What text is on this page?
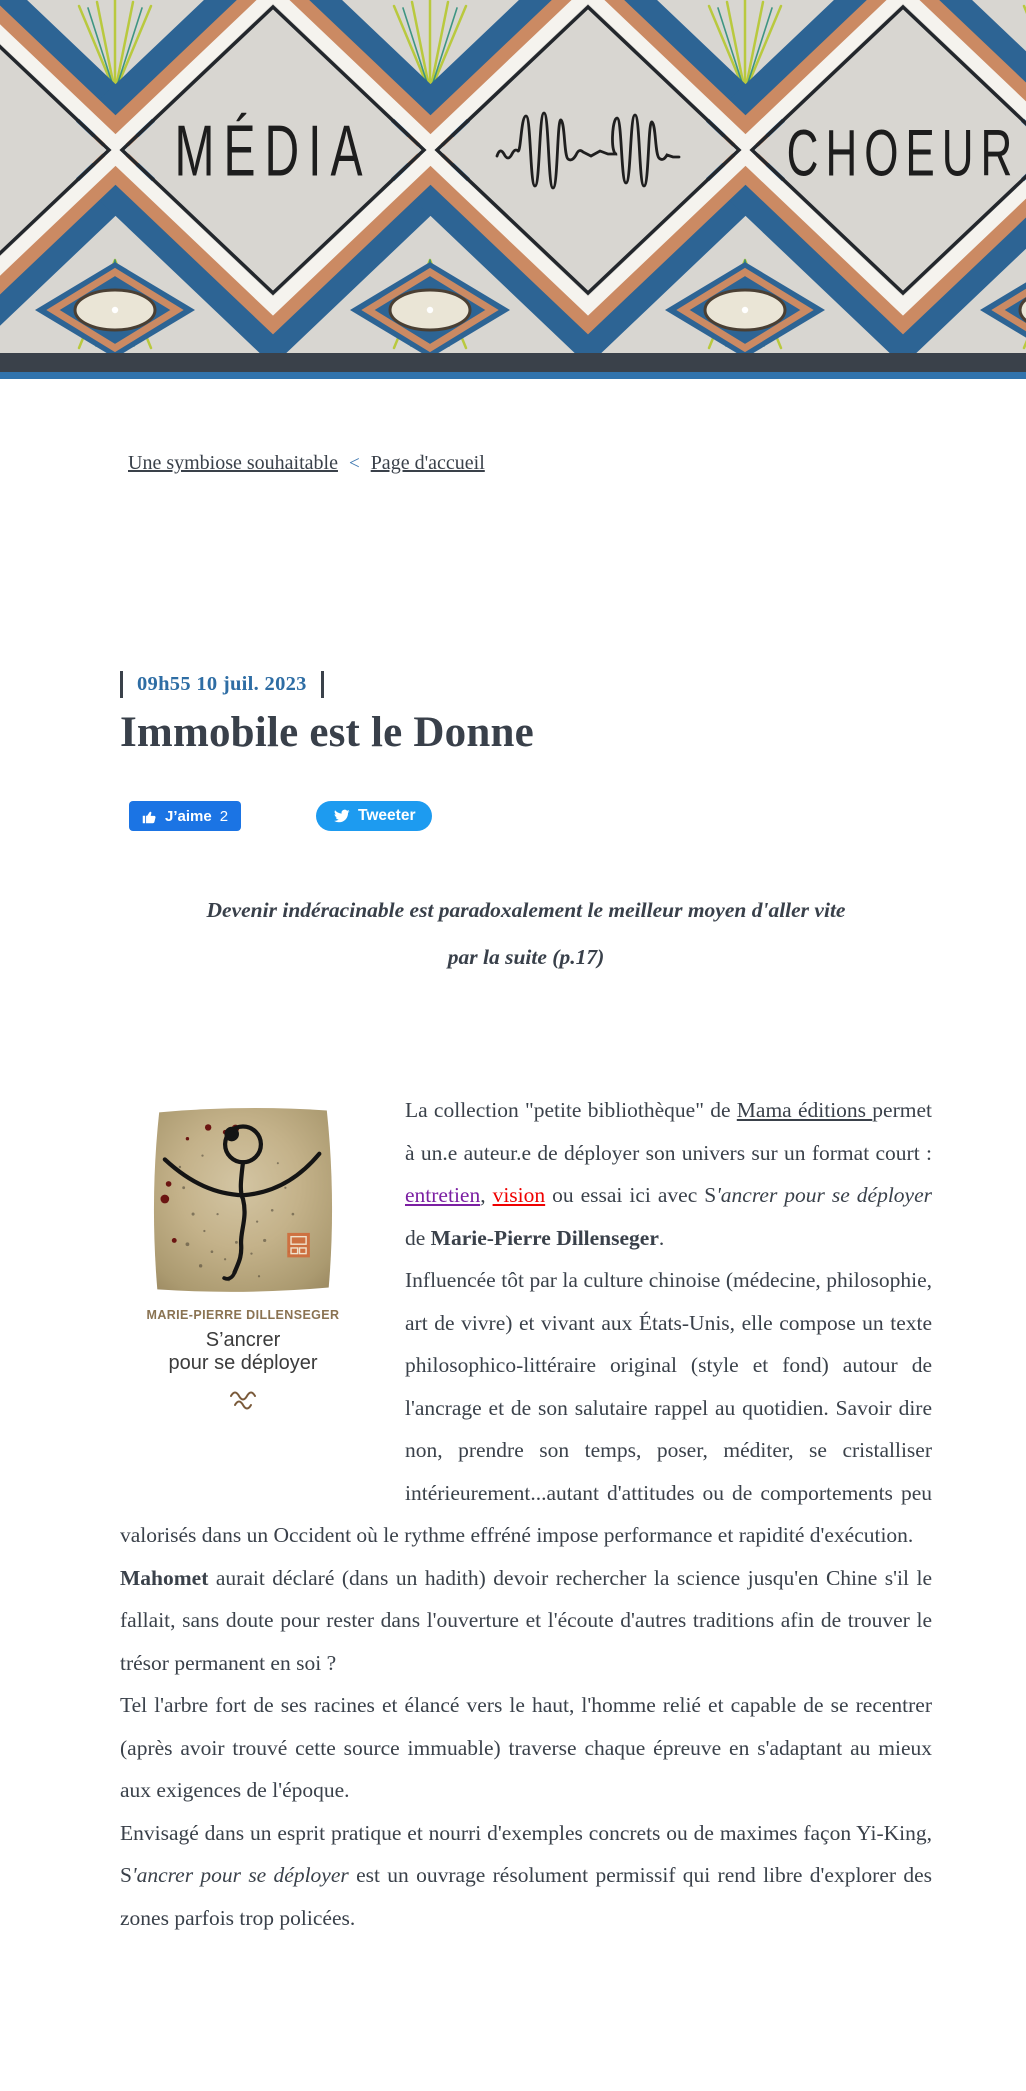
MÉDIA	CHOEUR
Une symbiose souhaitable < Page d'accueil
09h55 10 juil. 2023
Immobile est le Donne
J’aime 2	Tweeter
Devenir indéracinable est paradoxalement le meilleur moyen d'aller vite
par la suite (p.17)
MARIE-PIERRE DILLENSEGER
S’ancrer
pour se déployer

La collection "petite bibliothèque" de Mama éditions permet à un.e auteur.e de déployer son univers sur un format court : entretien, vision ou essai ici avec S'ancrer pour se déployer de Marie-Pierre Dillenseger.

Influencée tôt par la culture chinoise (médecine, philosophie, art de vivre) et vivant aux États-Unis, elle compose un texte philosophico-littéraire original (style et fond) autour de l'ancrage et de son salutaire rappel au quotidien. Savoir dire non, prendre son temps, poser, méditer, se cristalliser intérieurement...autant d'attitudes ou de comportements peu valorisés dans un Occident où le rythme effréné impose performance et rapidité d'exécution.

Mahomet aurait déclaré (dans un hadith) devoir rechercher la science jusqu'en Chine s'il le fallait, sans doute pour rester dans l'ouverture et l'écoute d'autres traditions afin de trouver le trésor permanent en soi ?

Tel l'arbre fort de ses racines et élancé vers le haut, l'homme relié et capable de se recentrer (après avoir trouvé cette source immuable) traverse chaque épreuve en s'adaptant au mieux aux exigences de l'époque.

Envisagé dans un esprit pratique et nourri d'exemples concrets ou de maximes façon Yi-King, S'ancrer pour se déployer est un ouvrage résolument permissif qui rend libre d'explorer des zones parfois trop policées.
